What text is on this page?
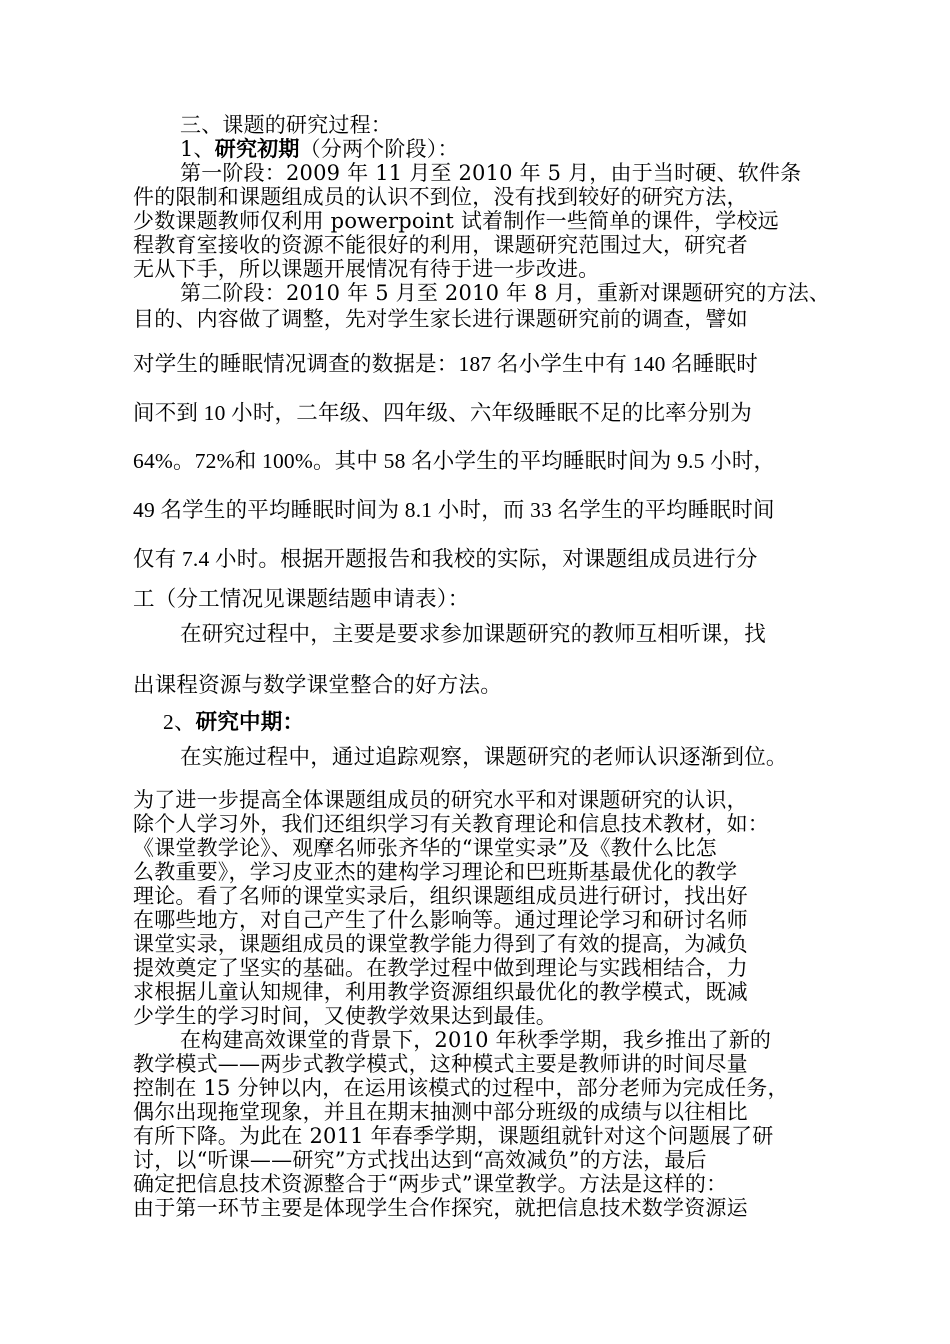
三、课题的研究过程：
1、研究初期（分两个阶段）：
第一阶段：2009 年 11 月至 2010 年 5 月，由于当时硬、软件条
件的限制和课题组成员的认识不到位，没有找到较好的研究方法，
少数课题教师仅利用 powerpoint 试着制作一些简单的课件，学校远
程教育室接收的资源不能很好的利用，课题研究范围过大，研究者
无从下手，所以课题开展情况有待于进一步改进。
第二阶段：2010 年 5 月至 2010 年 8 月，重新对课题研究的方法、
目的、内容做了调整，先对学生家长进行课题研究前的调查，譬如
对学生的睡眠情况调查的数据是：187 名小学生中有 140 名睡眠时
间不到 10 小时，二年级、四年级、六年级睡眠不足的比率分别为
64%。72%和 100%。其中 58 名小学生的平均睡眠时间为 9.5 小时，
49 名学生的平均睡眠时间为 8.1 小时，而 33 名学生的平均睡眠时间
仅有 7.4 小时。根据开题报告和我校的实际，对课题组成员进行分
工（分工情况见课题结题申请表）：
在研究过程中，主要是要求参加课题研究的教师互相听课，找
出课程资源与数学课堂整合的好方法。
2、研究中期：
在实施过程中，通过追踪观察，课题研究的老师认识逐渐到位。
为了进一步提高全体课题组成员的研究水平和对课题研究的认识，
除个人学习外，我们还组织学习有关教育理论和信息技术教材，如：
《课堂教学论》、观摩名师张齐华的“课堂实录”及《教什么比怎
么教重要》，学习皮亚杰的建构学习理论和巴班斯基最优化的教学
理论。看了名师的课堂实录后，组织课题组成员进行研讨，找出好
在哪些地方，对自己产生了什么影响等。通过理论学习和研讨名师
课堂实录，课题组成员的课堂教学能力得到了有效的提高，为减负
提效奠定了坚实的基础。在教学过程中做到理论与实践相结合，力
求根据儿童认知规律，利用教学资源组织最优化的教学模式，既减
少学生的学习时间，又使教学效果达到最佳。
在构建高效课堂的背景下，2010 年秋季学期，我乡推出了新的
教学模式——两步式教学模式，这种模式主要是教师讲的时间尽量
控制在 15 分钟以内，在运用该模式的过程中，部分老师为完成任务，
偶尔出现拖堂现象，并且在期末抽测中部分班级的成绩与以往相比
有所下降。为此在 2011 年春季学期，课题组就针对这个问题展了研
讨，以“听课——研究”方式找出达到“高效减负”的方法，最后
确定把信息技术资源整合于“两步式”课堂教学。方法是这样的：
由于第一环节主要是体现学生合作探究，就把信息技术数学资源运
